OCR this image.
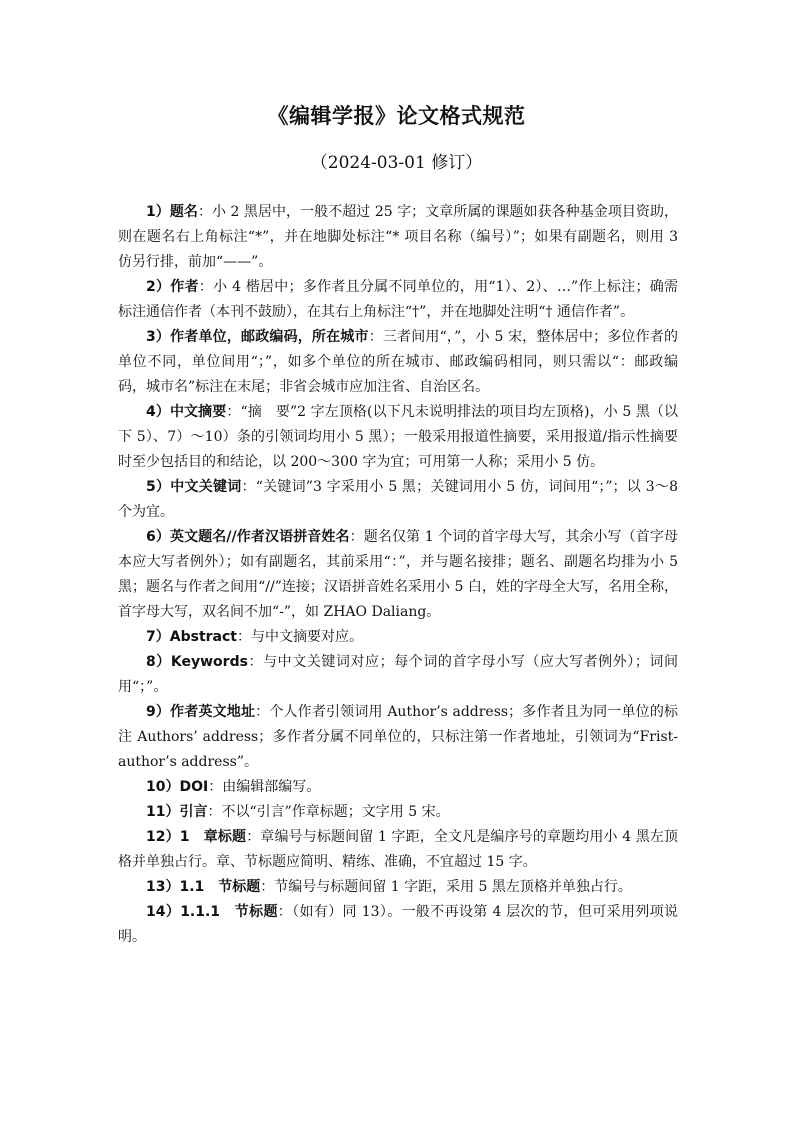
《编辑学报》论文格式规范
（2024-03-01 修订）

1）题名：小 2 黑居中，一般不超过 25 字；文章所属的课题如获各种基金项目资助，则在题名右上角标注“*”，并在地脚处标注“* 项目名称（编号）”；如果有副题名，则用 3 仿另行排，前加“——”。

2）作者：小 4 楷居中；多作者且分属不同单位的，用“1）、2）、…”作上标注；确需标注通信作者（本刊不鼓励），在其右上角标注“†”，并在地脚处注明“† 通信作者”。

3）作者单位，邮政编码，所在城市：三者间用“，”，小 5 宋，整体居中；多位作者的单位不同，单位间用“；”，如多个单位的所在城市、邮政编码相同，则只需以“：邮政编码，城市名”标注在末尾；非省会城市应加注省、自治区名。

4）中文摘要：“摘　要”2 字左顶格(以下凡未说明排法的项目均左顶格)，小 5 黑（以下 5）、7）～10）条的引领词均用小 5 黑）；一般采用报道性摘要，采用报道/指示性摘要时至少包括目的和结论，以 200～300 字为宜；可用第一人称；采用小 5 仿。

5）中文关键词：“关键词”3 字采用小 5 黑；关键词用小 5 仿，词间用“；”；以 3～8 个为宜。

6）英文题名//作者汉语拼音姓名：题名仅第 1 个词的首字母大写，其余小写（首字母本应大写者例外）；如有副题名，其前采用“：”，并与题名接排；题名、副题名均排为小 5 黑；题名与作者之间用“//”连接；汉语拼音姓名采用小 5 白，姓的字母全大写，名用全称，首字母大写，双名间不加“-”，如 ZHAO Daliang。

7）Abstract：与中文摘要对应。

8）Keywords：与中文关键词对应；每个词的首字母小写（应大写者例外）；词间用“；”。

9）作者英文地址：个人作者引领词用 Author’s address；多作者且为同一单位的标注 Authors’ address；多作者分属不同单位的，只标注第一作者地址，引领词为“Frist-author’s address”。

10）DOI：由编辑部编写。

11）引言：不以“引言”作章标题；文字用 5 宋。

12）1　章标题：章编号与标题间留 1 字距，全文凡是编序号的章题均用小 4 黑左顶格并单独占行。章、节标题应简明、精练、准确，不宜超过 15 字。

13）1.1　节标题：节编号与标题间留 1 字距，采用 5 黑左顶格并单独占行。

14）1.1.1　节标题：（如有）同 13）。一般不再设第 4 层次的节，但可采用列项说明。
